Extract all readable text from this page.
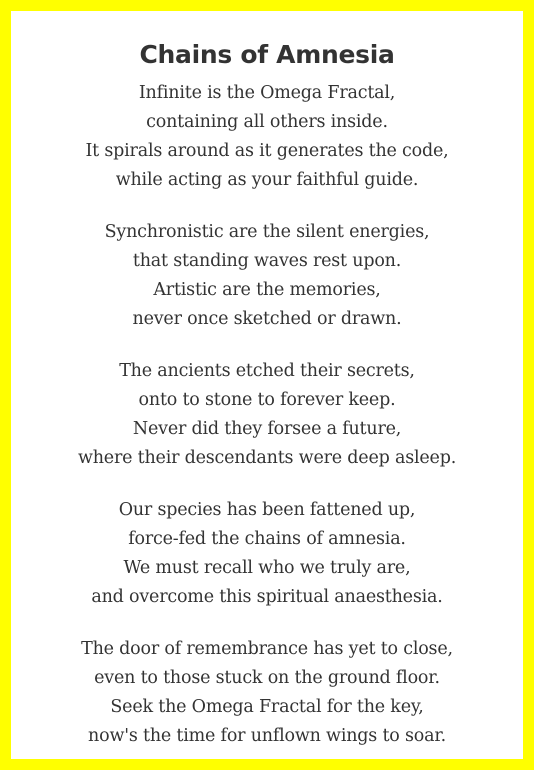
Chains of Amnesia
Infinite is the Omega Fractal,
containing all others inside.
It spirals around as it generates the code,
while acting as your faithful guide.
Synchronistic are the silent energies,
that standing waves rest upon.
Artistic are the memories,
never once sketched or drawn.
The ancients etched their secrets,
onto to stone to forever keep.
Never did they forsee a future,
where their descendants were deep asleep.
Our species has been fattened up,
force-fed the chains of amnesia.
We must recall who we truly are,
and overcome this spiritual anaesthesia.
The door of remembrance has yet to close,
even to those stuck on the ground floor.
Seek the Omega Fractal for the key,
now's the time for unflown wings to soar.
